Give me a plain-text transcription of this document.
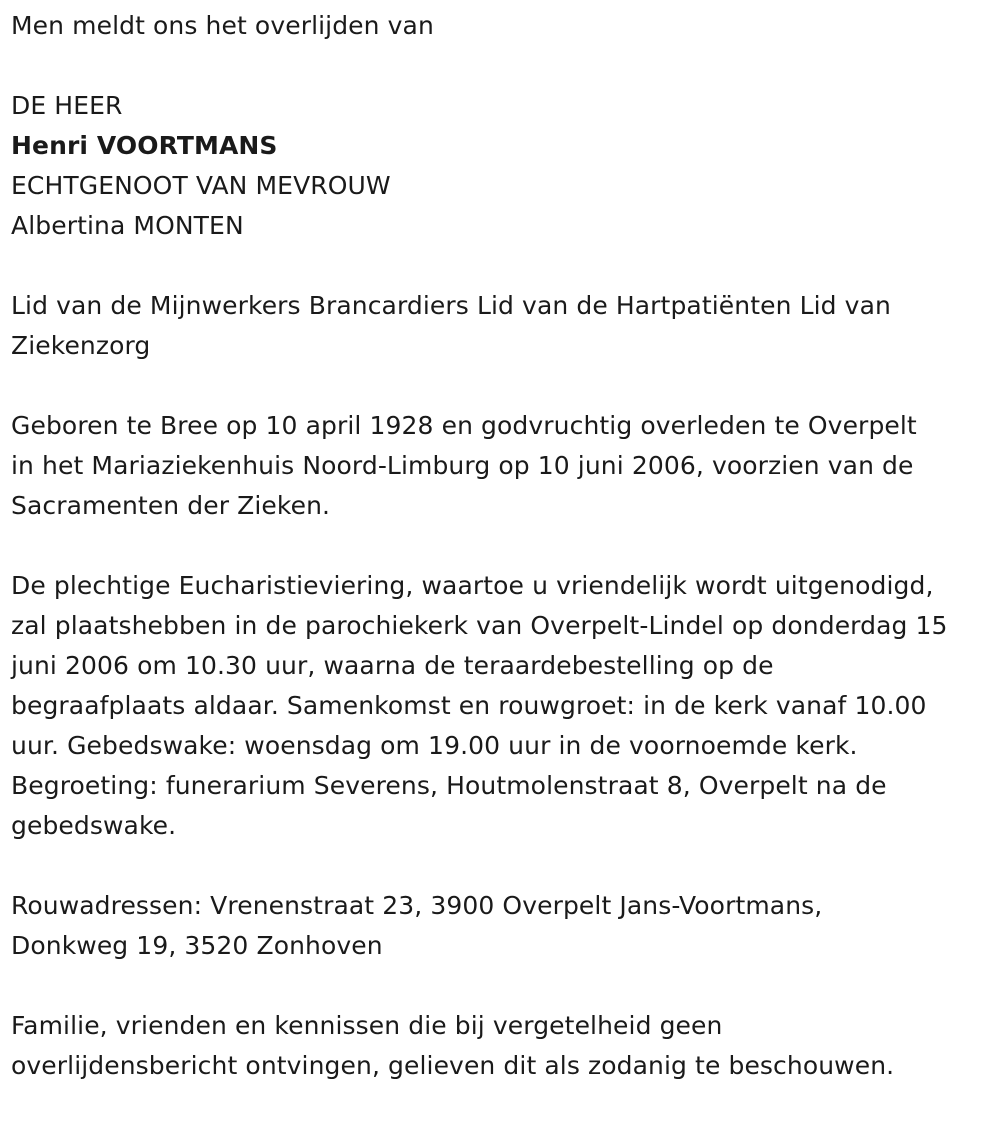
Men meldt ons het overlijden van
DE HEER
Henri VOORTMANS
ECHTGENOOT VAN MEVROUW
Albertina MONTEN
Lid van de Mijnwerkers Brancardiers Lid van de Hartpatiënten Lid van
Ziekenzorg
Geboren te Bree op 10 april 1928 en godvruchtig overleden te Overpelt
in het Mariaziekenhuis Noord-Limburg op 10 juni 2006, voorzien van de
Sacramenten der Zieken.
De plechtige Eucharistieviering, waartoe u vriendelijk wordt uitgenodigd,
zal plaatshebben in de parochiekerk van Overpelt-Lindel op donderdag 15
juni 2006 om 10.30 uur, waarna de teraardebestelling op de
begraafplaats aldaar. Samenkomst en rouwgroet: in de kerk vanaf 10.00
uur. Gebedswake: woensdag om 19.00 uur in de voornoemde kerk.
Begroeting: funerarium Severens, Houtmolenstraat 8, Overpelt na de
gebedswake.
Rouwadressen: Vrenenstraat 23, 3900 Overpelt Jans-Voortmans,
Donkweg 19, 3520 Zonhoven
Familie, vrienden en kennissen die bij vergetelheid geen
overlijdensbericht ontvingen, gelieven dit als zodanig te beschouwen.
